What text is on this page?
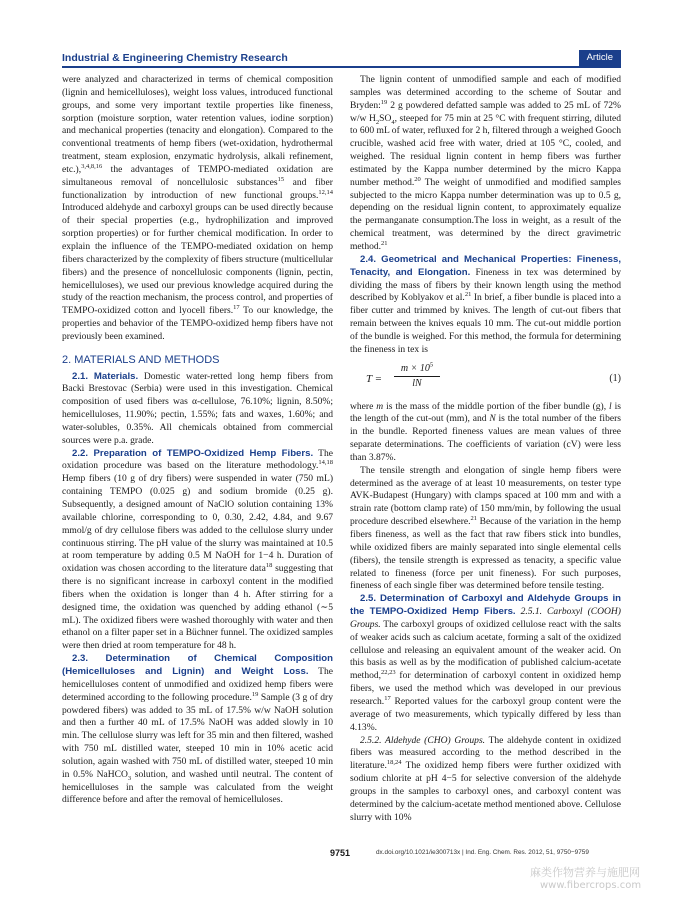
Industrial & Engineering Chemistry Research	Article

were analyzed and characterized in terms of chemical composition (lignin and hemicelluloses), weight loss values, introduced functional groups, and some very important textile properties like fineness, sorption (moisture sorption, water retention values, iodine sorption) and mechanical properties (tenacity and elongation). Compared to the conventional treatments of hemp fibers (wet-oxidation, hydrothermal treatment, steam explosion, enzymatic hydrolysis, alkali refinement, etc.),$^{3,4,8,16}$ the advantages of TEMPO-mediated oxidation are simultaneous removal of noncellulosic substances$^{15}$ and fiber functionalization by introduction of new functional groups.$^{12,14}$ Introduced aldehyde and carboxyl groups can be used directly because of their special properties (e.g., hydrophilization and improved sorption properties) or for further chemical modification. In order to explain the influence of the TEMPO-mediated oxidation on hemp fibers characterized by the complexity of fibers structure (multicellular fibers) and the presence of noncellulosic components (lignin, pectin, hemicelluloses), we used our previous knowledge acquired during the study of the reaction mechanism, the process control, and properties of TEMPO-oxidized cotton and lyocell fibers.$^{17}$ To our knowledge, the properties and behavior of the TEMPO-oxidized hemp fibers have not previously been examined.

2. MATERIALS AND METHODS

2.1. Materials. Domestic water-retted long hemp fibers from Backi Brestovac (Serbia) were used in this investigation. Chemical composition of used fibers was α-cellulose, 76.10%; lignin, 8.50%; hemicelluloses, 11.90%; pectin, 1.55%; fats and waxes, 1.60%; and water-solubles, 0.35%. All chemicals obtained from commercial sources were p.a. grade.

2.2. Preparation of TEMPO-Oxidized Hemp Fibers. The oxidation procedure was based on the literature methodology.$^{14,18}$ Hemp fibers (10 g of dry fibers) were suspended in water (750 mL) containing TEMPO (0.025 g) and sodium bromide (0.25 g). Subsequently, a designed amount of NaClO solution containing 13% available chlorine, corresponding to 0, 0.30, 2.42, 4.84, and 9.67 mmol/g of dry cellulose fibers was added to the cellulose slurry under continuous stirring. The pH value of the slurry was maintained at 10.5 at room temperature by adding 0.5 M NaOH for 1−4 h. Duration of oxidation was chosen according to the literature data$^{18}$ suggesting that there is no significant increase in carboxyl content in the modified fibers when the oxidation is longer than 4 h. After stirring for a designed time, the oxidation was quenched by adding ethanol (∼5 mL). The oxidized fibers were washed thoroughly with water and then ethanol on a filter paper set in a Büchner funnel. The oxidized samples were then dried at room temperature for 48 h.

2.3. Determination of Chemical Composition (Hemicelluloses and Lignin) and Weight Loss. The hemicelluloses content of unmodified and oxidized hemp fibers were determined according to the following procedure.$^{19}$ Sample (3 g of dry powdered fibers) was added to 35 mL of 17.5% w/w NaOH solution and then a further 40 mL of 17.5% NaOH was added slowly in 10 min. The cellulose slurry was left for 35 min and then filtered, washed with 750 mL distilled water, steeped 10 min in 10% acetic acid solution, again washed with 750 mL of distilled water, steeped 10 min in 0.5% NaHCO$_3$ solution, and washed until neutral. The content of hemicelluloses in the sample was calculated from the weight difference before and after the removal of hemicelluloses.

The lignin content of unmodified sample and each of modified samples was determined according to the scheme of Soutar and Bryden:$^{19}$ 2 g powdered defatted sample was added to 25 mL of 72% w/w $H_2SO_4$, steeped for 75 min at 25 °C with frequent stirring, diluted to 600 mL of water, refluxed for 2 h, filtered through a weighed Gooch crucible, washed acid free with water, dried at 105 °C, cooled, and weighed. The residual lignin content in hemp fibers was further estimated by the Kappa number determined by the micro Kappa number method.$^{20}$ The weight of unmodified and modified samples subjected to the micro Kappa number determination was up to 0.5 g, depending on the residual lignin content, to approximately equalize the permanganate consumption.The loss in weight, as a result of the chemical treatment, was determined by the direct gravimetric method.$^{21}$

2.4. Geometrical and Mechanical Properties: Fineness, Tenacity, and Elongation. Fineness in tex was determined by dividing the mass of fibers by their known length using the method described by Koblyakov et al.$^{21}$ In brief, a fiber bundle is placed into a fiber cutter and trimmed by knives. The length of cut-out fibers that remain between the knives equals 10 mm. The cut-out middle portion of the bundle is weighed. For this method, the formula for determining the fineness in tex is

$T = \frac{m \times 10^5}{lN}$	(1)

where m is the mass of the middle portion of the fiber bundle (g), l is the length of the cut-out (mm), and N is the total number of the fibers in the bundle. Reported fineness values are mean values of three separate determinations. The coefficients of variation (cV) were less than 3.87%.

The tensile strength and elongation of single hemp fibers were determined as the average of at least 10 measurements, on tester type AVK-Budapest (Hungary) with clamps spaced at 100 mm and with a strain rate (bottom clamp rate) of 150 mm/min, by following the usual procedure described elsewhere.$^{21}$ Because of the variation in the hemp fibers fineness, as well as the fact that raw fibers stick into bundles, while oxidized fibers are mainly separated into single elemental cells (fibers), the tensile strength is expressed as tenacity, a specific value related to fineness (force per unit fineness). For such purposes, fineness of each single fiber was determined before tensile testing.

2.5. Determination of Carboxyl and Aldehyde Groups in the TEMPO-Oxidized Hemp Fibers. 2.5.1. Carboxyl (COOH) Groups. The carboxyl groups of oxidized cellulose react with the salts of weaker acids such as calcium acetate, forming a salt of the oxidized cellulose and releasing an equivalent amount of the weaker acid. On this basis as well as by the modification of published calcium-acetate method,$^{22,23}$ for determination of carboxyl content in oxidized hemp fibers, we used the method which was developed in our previous research.$^{17}$ Reported values for the carboxyl group content were the average of two measurements, which typically differed by less than 4.13%.

2.5.2. Aldehyde (CHO) Groups. The aldehyde content in oxidized fibers was measured according to the method described in the literature.$^{18,24}$ The oxidized hemp fibers were further oxidized with sodium chlorite at pH 4−5 for selective conversion of the aldehyde groups in the samples to carboxyl ones, and carboxyl content was determined by the calcium-acetate method mentioned above. Cellulose slurry with 10%

9751	dx.doi.org/10.1021/ie300713x | Ind. Eng. Chem. Res. 2012, 51, 9750−9759
麻类作物营养与施肥网
www.fibercrops.com
